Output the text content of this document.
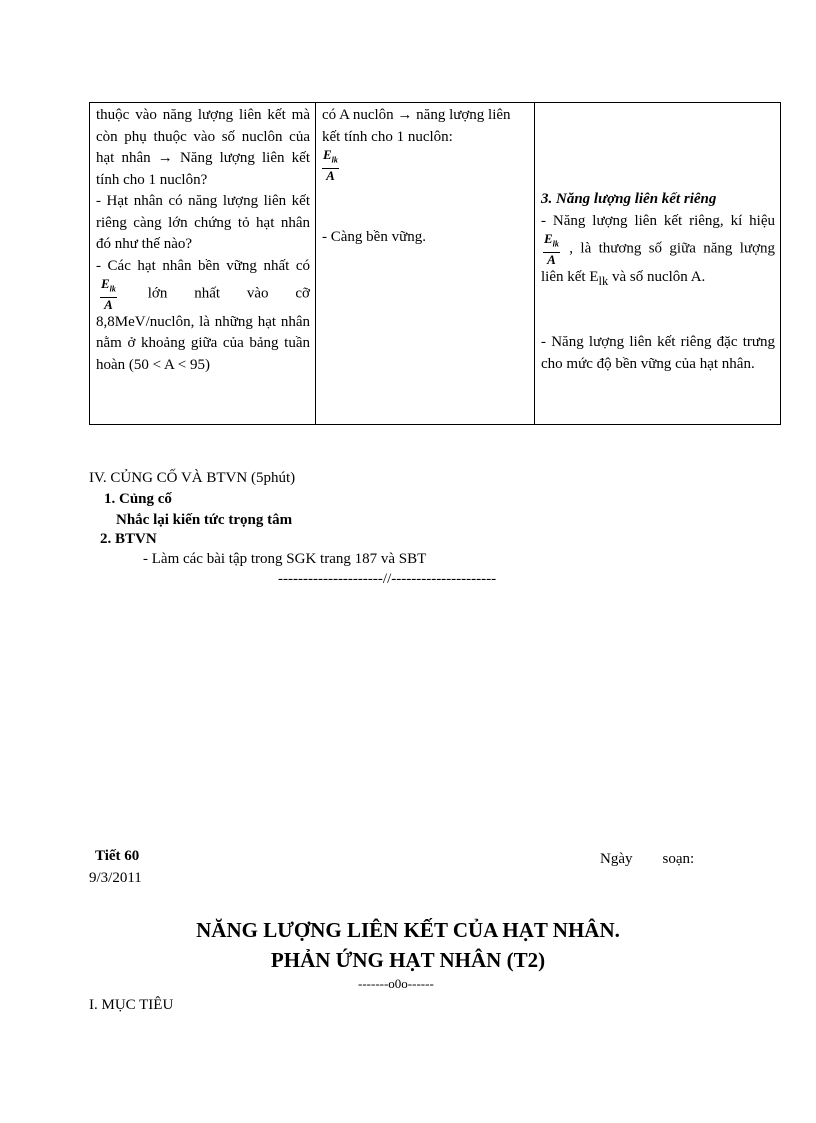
thuộc vào năng lượng liên kết mà còn phụ thuộc vào số nuclôn của hạt nhân → Năng lượng liên kết tính cho 1 nuclôn?
- Hạt nhân có năng lượng liên kết riêng càng lớn chứng tỏ hạt nhân đó như thế nào?
- Các hạt nhân bền vững nhất có
$\frac{E_{lk}}{A}$ lớn nhất vào cỡ 8,8MeV/nuclôn, là những hạt nhân nằm ở khoảng giữa của bảng tuần hoàn (50 < A < 95)
có A nuclôn → năng lượng liên kết tính cho 1 nuclôn:
$\frac{E_{lk}}{A}$
- Càng bền vững.
3. Năng lượng liên kết riêng
- Năng lượng liên kết riêng, kí hiệu
$\frac{E_{lk}}{A}$ , là thương số giữa năng lượng liên kết $E_{lk}$ và số nuclôn A.
- Năng lượng liên kết riêng đặc trưng cho mức độ bền vững của hạt nhân.
IV. CỦNG CỐ VÀ BTVN (5phút)
1. Củng cố
Nhắc lại kiến tức trọng tâm
2. BTVN
- Làm các bài tập trong SGK trang 187 và SBT
---------------------//---------------------
Tiết 60
9/3/2011
Ngày        soạn:
NĂNG LƯỢNG LIÊN KẾT CỦA HẠT NHÂN.
PHẢN ỨNG HẠT NHÂN (T2)
-------o0o------
I. MỤC TIÊU
